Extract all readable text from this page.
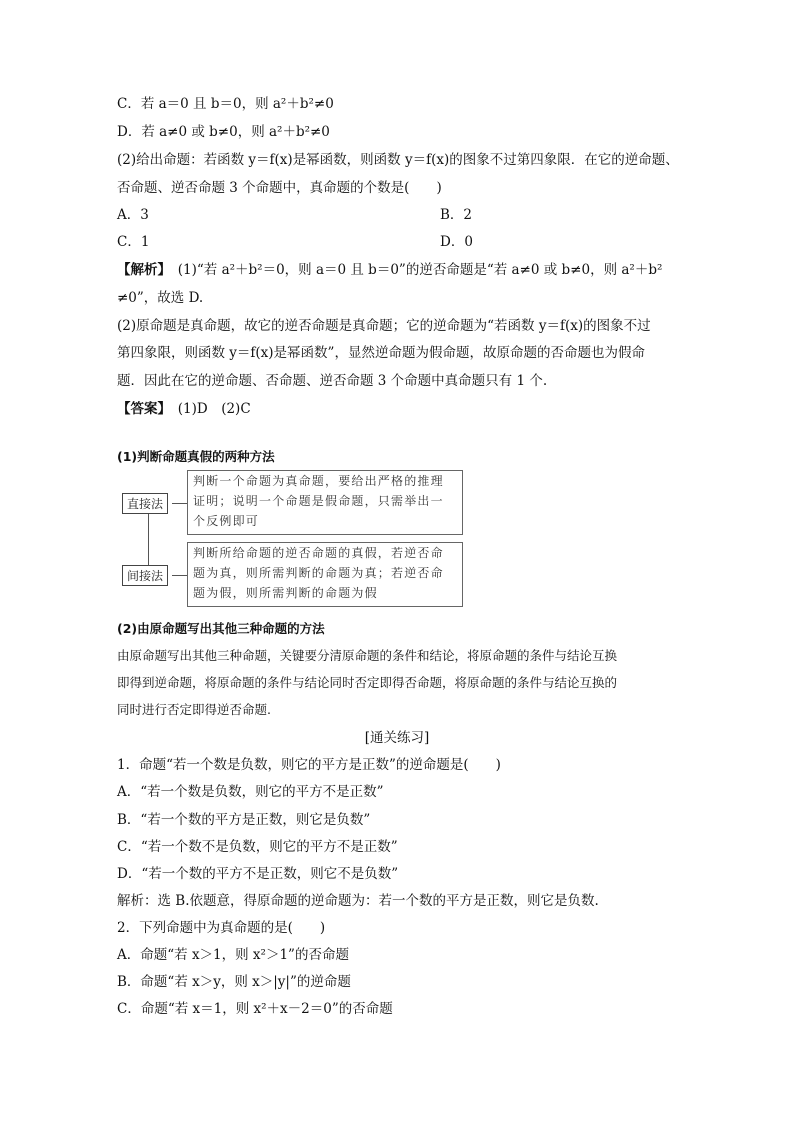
C．若 a＝0 且 b＝0，则 a²＋b²≠0
D．若 a≠0 或 b≠0，则 a²＋b²≠0
(2)给出命题：若函数 y＝f(x)是幂函数，则函数 y＝f(x)的图象不过第四象限．在它的逆命题、
否命题、逆否命题 3 个命题中，真命题的个数是(　　)
A．3	B．2
C．1	D．0
【解析】　(1)“若 a²＋b²＝0，则 a＝0 且 b＝0”的逆否命题是“若 a≠0 或 b≠0，则 a²＋b²
≠0”，故选 D.
(2)原命题是真命题，故它的逆否命题是真命题；它的逆命题为“若函数 y＝f(x)的图象不过
第四象限，则函数 y＝f(x)是幂函数”，显然逆命题为假命题，故原命题的否命题也为假命
题．因此在它的逆命题、否命题、逆否命题 3 个命题中真命题只有 1 个.
【答案】　(1)D　(2)C
(1)判断命题真假的两种方法
直接法
判断一个命题为真命题，要给出严格的推理
证明；说明一个命题是假命题，只需举出一
个反例即可
间接法
判断所给命题的逆否命题的真假，若逆否命
题为真，则所需判断的命题为真；若逆否命
题为假，则所需判断的命题为假
(2)由原命题写出其他三种命题的方法
由原命题写出其他三种命题，关键要分清原命题的条件和结论，将原命题的条件与结论互换
即得到逆命题，将原命题的条件与结论同时否定即得否命题，将原命题的条件与结论互换的
同时进行否定即得逆否命题.
[通关练习]
1．命题“若一个数是负数，则它的平方是正数”的逆命题是(　　)
A．“若一个数是负数，则它的平方不是正数”
B．“若一个数的平方是正数，则它是负数”
C．“若一个数不是负数，则它的平方不是正数”
D．“若一个数的平方不是正数，则它不是负数”
解析：选 B.依题意，得原命题的逆命题为：若一个数的平方是正数，则它是负数.
2．下列命题中为真命题的是(　　)
A．命题“若 x＞1，则 x²＞1”的否命题
B．命题“若 x＞y，则 x＞|y|”的逆命题
C．命题“若 x＝1，则 x²＋x－2＝0”的否命题
